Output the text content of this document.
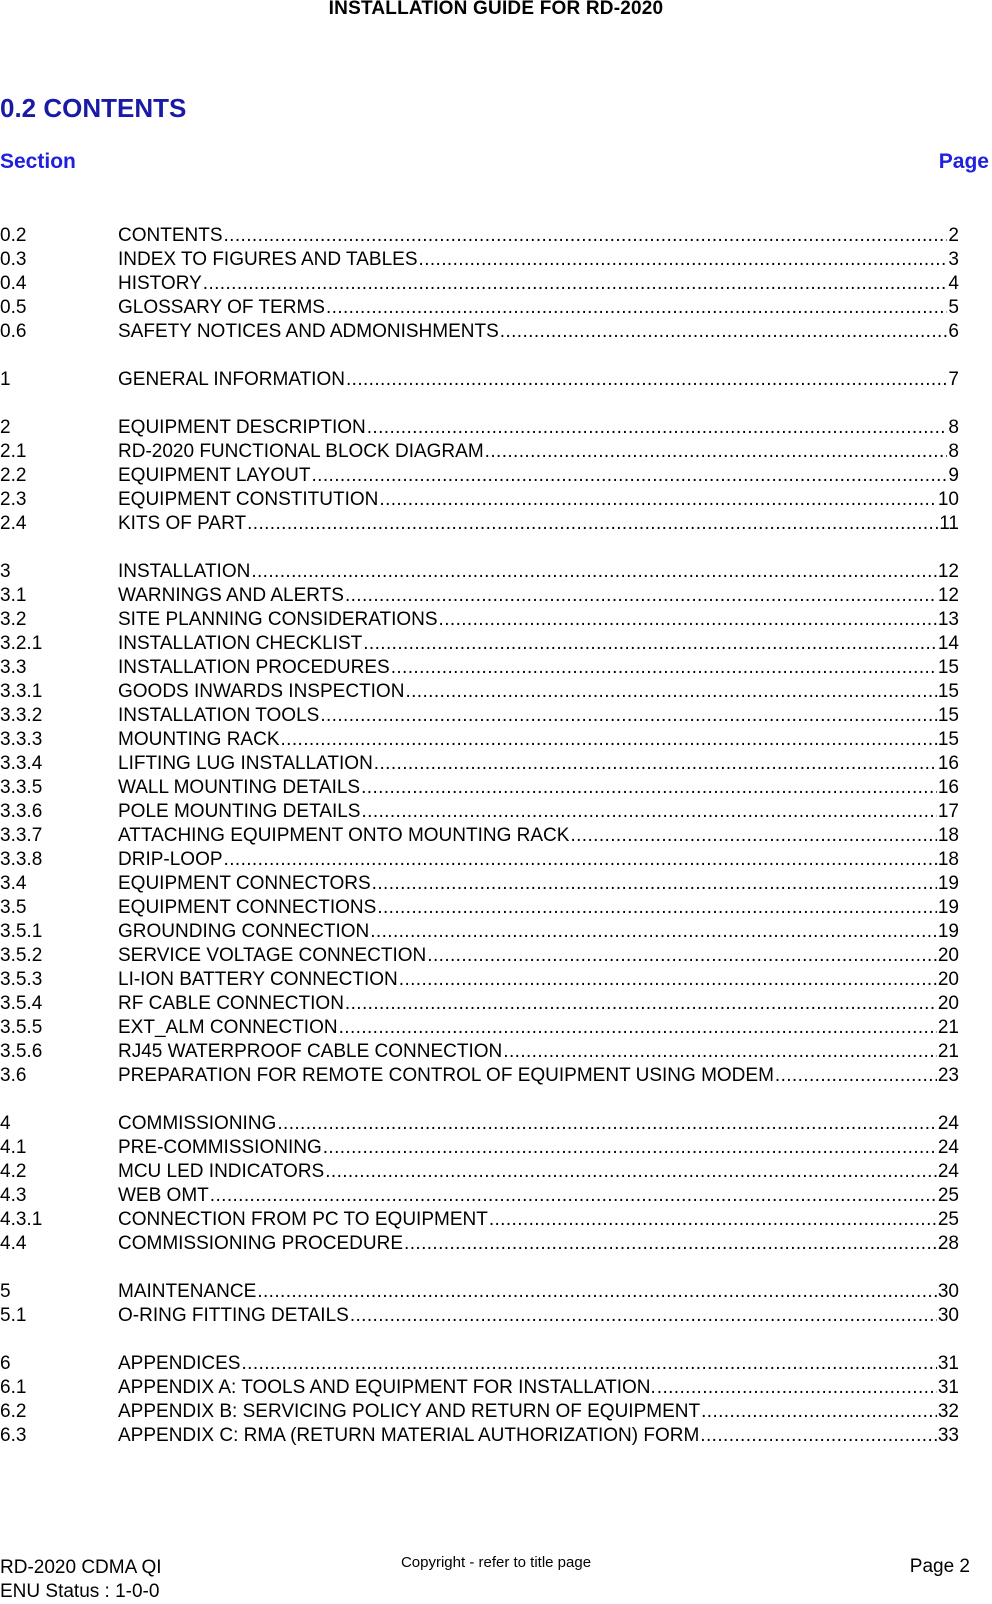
INSTALLATION GUIDE FOR RD-2020
0.2 CONTENTS
Section	Page
0.2	CONTENTS .....	2
0.3	INDEX TO FIGURES AND TABLES .....	3
0.4	HISTORY .....	4
0.5	GLOSSARY OF TERMS .....	5
0.6	SAFETY NOTICES AND ADMONISHMENTS .....	6
1	GENERAL INFORMATION .....	7
2	EQUIPMENT DESCRIPTION .....	8
2.1	RD-2020 FUNCTIONAL BLOCK DIAGRAM .....	8
2.2	EQUIPMENT LAYOUT .....	9
2.3	EQUIPMENT CONSTITUTION .....	10
2.4	KITS OF PART .....	11
3	INSTALLATION .....	12
3.1	WARNINGS AND ALERTS .....	12
3.2	SITE PLANNING CONSIDERATIONS .....	13
3.2.1	INSTALLATION CHECKLIST .....	14
3.3	INSTALLATION PROCEDURES .....	15
3.3.1	GOODS INWARDS INSPECTION .....	15
3.3.2	INSTALLATION TOOLS .....	15
3.3.3	MOUNTING RACK .....	15
3.3.4	LIFTING LUG INSTALLATION .....	16
3.3.5	WALL MOUNTING DETAILS .....	16
3.3.6	POLE MOUNTING DETAILS .....	17
3.3.7	ATTACHING EQUIPMENT ONTO MOUNTING RACK .....	18
3.3.8	DRIP-LOOP .....	18
3.4	EQUIPMENT CONNECTORS .....	19
3.5	EQUIPMENT CONNECTIONS .....	19
3.5.1	GROUNDING CONNECTION .....	19
3.5.2	SERVICE VOLTAGE CONNECTION .....	20
3.5.3	LI-ION BATTERY CONNECTION .....	20
3.5.4	RF CABLE CONNECTION .....	20
3.5.5	EXT_ALM CONNECTION .....	21
3.5.6	RJ45 WATERPROOF CABLE CONNECTION .....	21
3.6	PREPARATION FOR REMOTE CONTROL OF EQUIPMENT USING MODEM .....	23
4	COMMISSIONING .....	24
4.1	PRE-COMMISSIONING .....	24
4.2	MCU LED INDICATORS .....	24
4.3	WEB OMT .....	25
4.3.1	CONNECTION FROM PC TO EQUIPMENT .....	25
4.4	COMMISSIONING PROCEDURE .....	28
5	MAINTENANCE .....	30
5.1	O-RING FITTING DETAILS .....	30
6	APPENDICES .....	31
6.1	APPENDIX A: TOOLS AND EQUIPMENT FOR INSTALLATION. .....	31
6.2	APPENDIX B: SERVICING POLICY AND RETURN OF EQUIPMENT .....	32
6.3	APPENDIX C: RMA (RETURN MATERIAL AUTHORIZATION) FORM .....	33
RD-2020 CDMA QI
ENU Status : 1-0-0
Copyright - refer to title page	Page 2
